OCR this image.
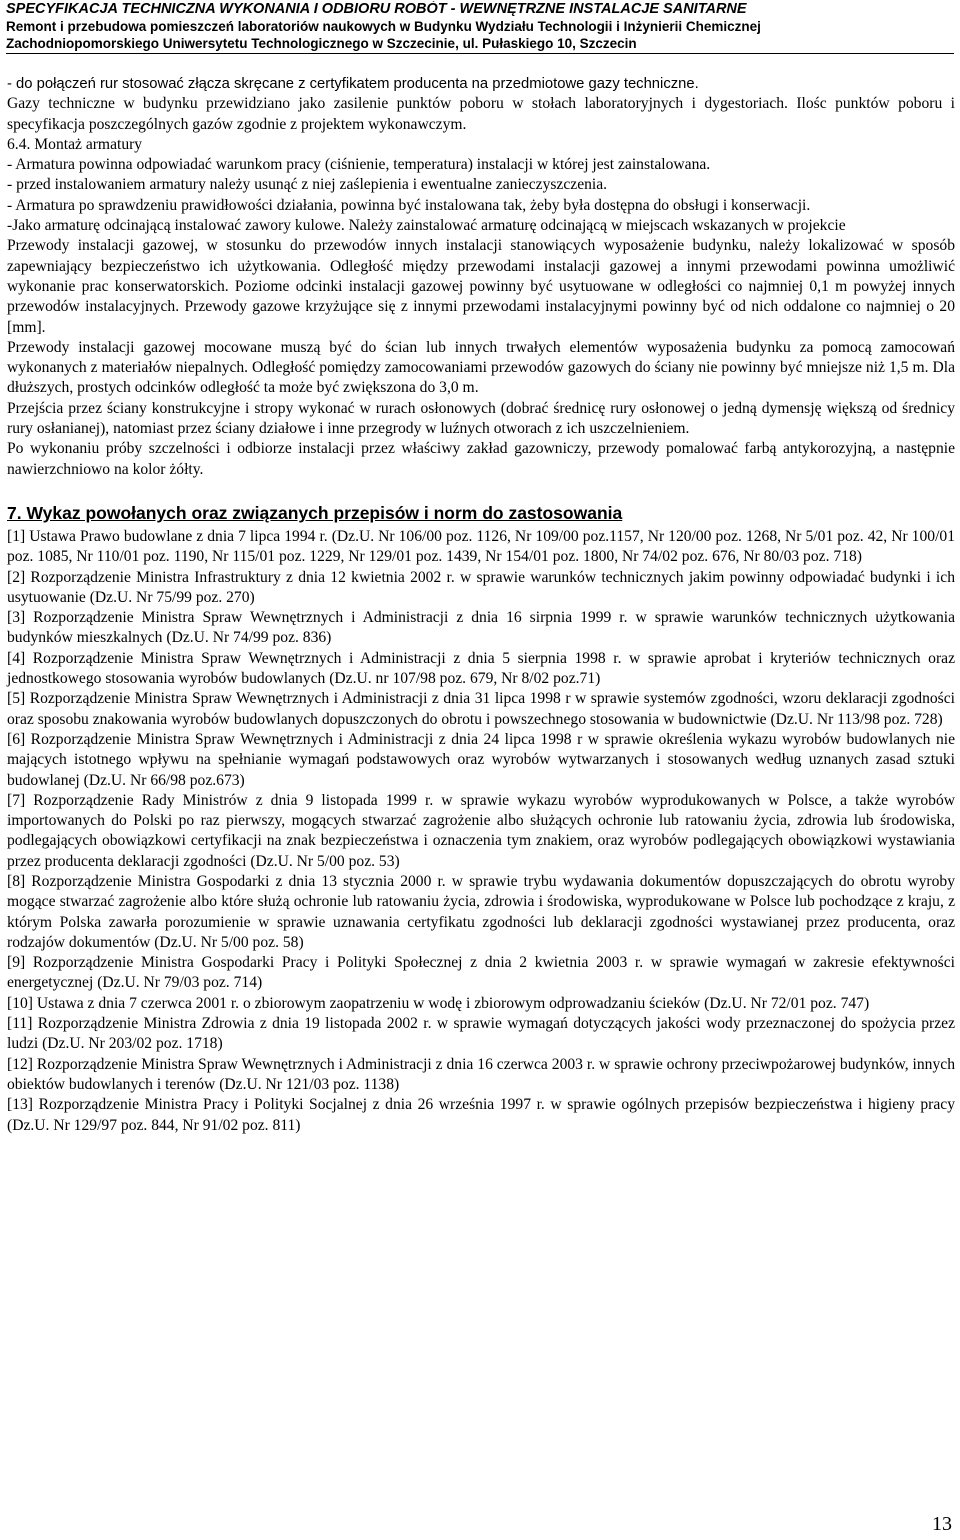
SPECYFIKACJA TECHNICZNA WYKONANIA I ODBIORU ROBÓT - WEWNĘTRZNE INSTALACJE SANITARNE
Remont i przebudowa pomieszczeń laboratoriów naukowych w Budynku Wydziału Technologii i Inżynierii Chemicznej
Zachodniopomorskiego Uniwersytetu Technologicznego w Szczecinie, ul. Pułaskiego 10, Szczecin

- do połączeń rur stosować złącza skręcane z certyfikatem producenta na przedmiotowe gazy techniczne.

Gazy techniczne w budynku przewidziano jako zasilenie punktów poboru w stołach laboratoryjnych i dygestoriach. Ilośc punktów poboru i specyfikacja poszczególnych gazów zgodnie z projektem wykonawczym.

6.4. Montaż armatury

- Armatura powinna odpowiadać warunkom pracy (ciśnienie, temperatura) instalacji w której jest zainstalowana.

- przed instalowaniem armatury należy usunąć z niej zaślepienia i ewentualne zanieczyszczenia.

- Armatura po sprawdzeniu prawidłowości działania, powinna być instalowana tak, żeby była dostępna do obsługi i konserwacji.

-Jako armaturę odcinającą instalować zawory kulowe. Należy zainstalować armaturę odcinającą w miejscach wskazanych w projekcie

Przewody instalacji gazowej, w stosunku do przewodów innych instalacji stanowiących wyposażenie budynku, należy lokalizować w sposób zapewniający bezpieczeństwo ich użytkowania. Odległość między przewodami instalacji gazowej a innymi przewodami powinna umożliwić wykonanie prac konserwatorskich. Poziome odcinki instalacji gazowej powinny być usytuowane w odległości co najmniej 0,1 m powyżej innych przewodów instalacyjnych. Przewody gazowe krzyżujące się z innymi przewodami instalacyjnymi powinny być od nich oddalone co najmniej o 20 [mm].

Przewody instalacji gazowej mocowane muszą być do ścian lub innych trwałych elementów wyposażenia budynku za pomocą zamocowań wykonanych z materiałów niepalnych. Odległość pomiędzy zamocowaniami przewodów gazowych do ściany nie powinny być mniejsze niż 1,5 m. Dla dłuższych, prostych odcinków odległość ta może być zwiększona do 3,0 m.

Przejścia przez ściany konstrukcyjne i stropy wykonać w rurach osłonowych (dobrać średnicę rury osłonowej o jedną dymensję większą od średnicy rury osłanianej), natomiast przez ściany działowe i inne przegrody w luźnych otworach z ich uszczelnieniem.

Po wykonaniu próby szczelności i odbiorze instalacji przez właściwy zakład gazowniczy, przewody pomalować farbą antykorozyjną, a następnie nawierzchniowo na kolor żółty.

7. Wykaz powołanych oraz związanych przepisów i norm do zastosowania

[1] Ustawa Prawo budowlane z dnia 7 lipca 1994 r. (Dz.U. Nr 106/00 poz. 1126, Nr 109/00 poz.1157, Nr 120/00 poz. 1268, Nr 5/01 poz. 42, Nr 100/01 poz. 1085, Nr 110/01 poz. 1190, Nr 115/01 poz. 1229, Nr 129/01 poz. 1439, Nr 154/01 poz. 1800, Nr 74/02 poz. 676, Nr 80/03 poz. 718)

[2] Rozporządzenie Ministra Infrastruktury z dnia 12 kwietnia 2002 r. w sprawie warunków technicznych jakim powinny odpowiadać budynki i ich usytuowanie (Dz.U. Nr 75/99 poz. 270)

[3] Rozporządzenie Ministra Spraw Wewnętrznych i Administracji z dnia 16 sirpnia 1999 r. w sprawie warunków technicznych użytkowania budynków mieszkalnych (Dz.U. Nr 74/99 poz. 836)

[4] Rozporządzenie Ministra Spraw Wewnętrznych i Administracji z dnia 5 sierpnia 1998 r. w sprawie aprobat i kryteriów technicznych oraz jednostkowego stosowania wyrobów budowlanych (Dz.U. nr 107/98 poz. 679, Nr 8/02 poz.71)

[5] Rozporządzenie Ministra Spraw Wewnętrznych i Administracji z dnia 31 lipca 1998 r w sprawie systemów zgodności, wzoru deklaracji zgodności oraz sposobu znakowania wyrobów budowlanych dopuszczonych do obrotu i powszechnego stosowania w budownictwie (Dz.U. Nr 113/98 poz. 728)

[6] Rozporządzenie Ministra Spraw Wewnętrznych i Administracji z dnia 24 lipca 1998 r w sprawie określenia wykazu wyrobów budowlanych nie mających istotnego wpływu na spełnianie wymagań podstawowych oraz wyrobów wytwarzanych i stosowanych według uznanych zasad sztuki budowlanej (Dz.U. Nr 66/98 poz.673)

[7] Rozporządzenie Rady Ministrów z dnia 9 listopada 1999 r. w sprawie wykazu wyrobów wyprodukowanych w Polsce, a także wyrobów importowanych do Polski po raz pierwszy, mogących stwarzać zagrożenie albo służących ochronie lub ratowaniu życia, zdrowia lub środowiska, podlegających obowiązkowi certyfikacji na znak bezpieczeństwa i oznaczenia tym znakiem, oraz wyrobów podlegających obowiązkowi wystawiania przez producenta deklaracji zgodności (Dz.U. Nr 5/00 poz. 53)

[8] Rozporządzenie Ministra Gospodarki z dnia 13 stycznia 2000 r. w sprawie trybu wydawania dokumentów dopuszczających do obrotu wyroby mogące stwarzać zagrożenie albo które służą ochronie lub ratowaniu życia, zdrowia i środowiska, wyprodukowane w Polsce lub pochodzące z kraju, z którym Polska zawarła porozumienie w sprawie uznawania certyfikatu zgodności lub deklaracji zgodności wystawianej przez producenta, oraz rodzajów dokumentów (Dz.U. Nr 5/00 poz. 58)

[9] Rozporządzenie Ministra Gospodarki Pracy i Polityki Społecznej z dnia 2 kwietnia 2003 r. w sprawie wymagań w zakresie efektywności energetycznej (Dz.U. Nr 79/03 poz. 714)

[10] Ustawa z dnia 7 czerwca 2001 r. o zbiorowym zaopatrzeniu w wodę i zbiorowym odprowadzaniu ścieków (Dz.U. Nr 72/01 poz. 747)

[11] Rozporządzenie Ministra Zdrowia z dnia 19 listopada 2002 r. w sprawie wymagań dotyczących jakości wody przeznaczonej do spożycia przez ludzi (Dz.U. Nr 203/02 poz. 1718)

[12] Rozporządzenie Ministra Spraw Wewnętrznych i Administracji z dnia 16 czerwca 2003 r. w sprawie ochrony przeciwpożarowej budynków, innych obiektów budowlanych i terenów (Dz.U. Nr 121/03 poz. 1138)

[13] Rozporządzenie Ministra Pracy i Polityki Socjalnej z dnia 26 września 1997 r. w sprawie ogólnych przepisów bezpieczeństwa i higieny pracy (Dz.U. Nr 129/97 poz. 844, Nr 91/02 poz. 811)

13
